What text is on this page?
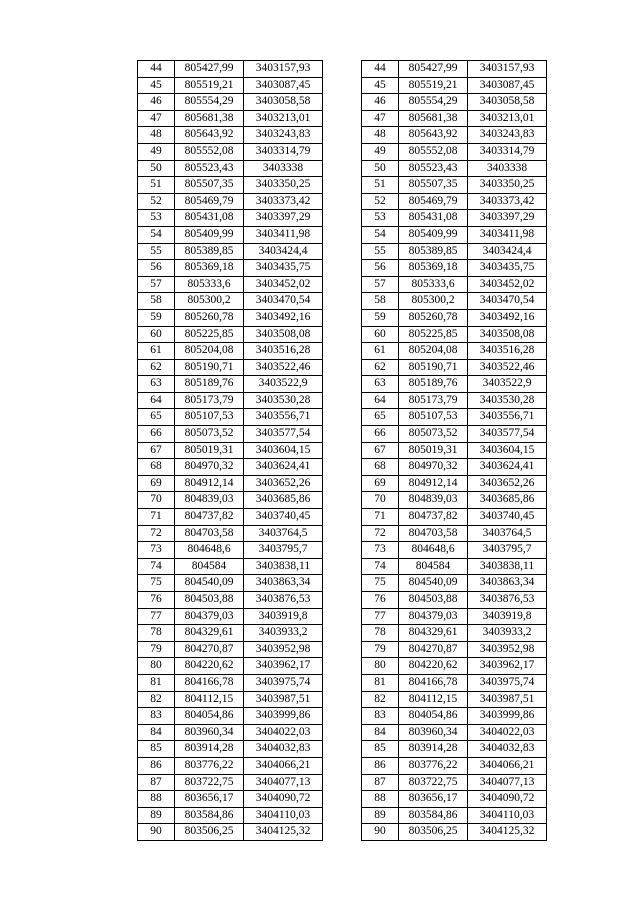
44	805427,99	3403157,93
45	805519,21	3403087,45
46	805554,29	3403058,58
47	805681,38	3403213,01
48	805643,92	3403243,83
49	805552,08	3403314,79
50	805523,43	3403338
51	805507,35	3403350,25
52	805469,79	3403373,42
53	805431,08	3403397,29
54	805409,99	3403411,98
55	805389,85	3403424,4
56	805369,18	3403435,75
57	805333,6	3403452,02
58	805300,2	3403470,54
59	805260,78	3403492,16
60	805225,85	3403508,08
61	805204,08	3403516,28
62	805190,71	3403522,46
63	805189,76	3403522,9
64	805173,79	3403530,28
65	805107,53	3403556,71
66	805073,52	3403577,54
67	805019,31	3403604,15
68	804970,32	3403624,41
69	804912,14	3403652,26
70	804839,03	3403685,86
71	804737,82	3403740,45
72	804703,58	3403764,5
73	804648,6	3403795,7
74	804584	3403838,11
75	804540,09	3403863,34
76	804503,88	3403876,53
77	804379,03	3403919,8
78	804329,61	3403933,2
79	804270,87	3403952,98
80	804220,62	3403962,17
81	804166,78	3403975,74
82	804112,15	3403987,51
83	804054,86	3403999,86
84	803960,34	3404022,03
85	803914,28	3404032,83
86	803776,22	3404066,21
87	803722,75	3404077,13
88	803656,17	3404090,72
89	803584,86	3404110,03
90	803506,25	3404125,32
44	805427,99	3403157,93
45	805519,21	3403087,45
46	805554,29	3403058,58
47	805681,38	3403213,01
48	805643,92	3403243,83
49	805552,08	3403314,79
50	805523,43	3403338
51	805507,35	3403350,25
52	805469,79	3403373,42
53	805431,08	3403397,29
54	805409,99	3403411,98
55	805389,85	3403424,4
56	805369,18	3403435,75
57	805333,6	3403452,02
58	805300,2	3403470,54
59	805260,78	3403492,16
60	805225,85	3403508,08
61	805204,08	3403516,28
62	805190,71	3403522,46
63	805189,76	3403522,9
64	805173,79	3403530,28
65	805107,53	3403556,71
66	805073,52	3403577,54
67	805019,31	3403604,15
68	804970,32	3403624,41
69	804912,14	3403652,26
70	804839,03	3403685,86
71	804737,82	3403740,45
72	804703,58	3403764,5
73	804648,6	3403795,7
74	804584	3403838,11
75	804540,09	3403863,34
76	804503,88	3403876,53
77	804379,03	3403919,8
78	804329,61	3403933,2
79	804270,87	3403952,98
80	804220,62	3403962,17
81	804166,78	3403975,74
82	804112,15	3403987,51
83	804054,86	3403999,86
84	803960,34	3404022,03
85	803914,28	3404032,83
86	803776,22	3404066,21
87	803722,75	3404077,13
88	803656,17	3404090,72
89	803584,86	3404110,03
90	803506,25	3404125,32
